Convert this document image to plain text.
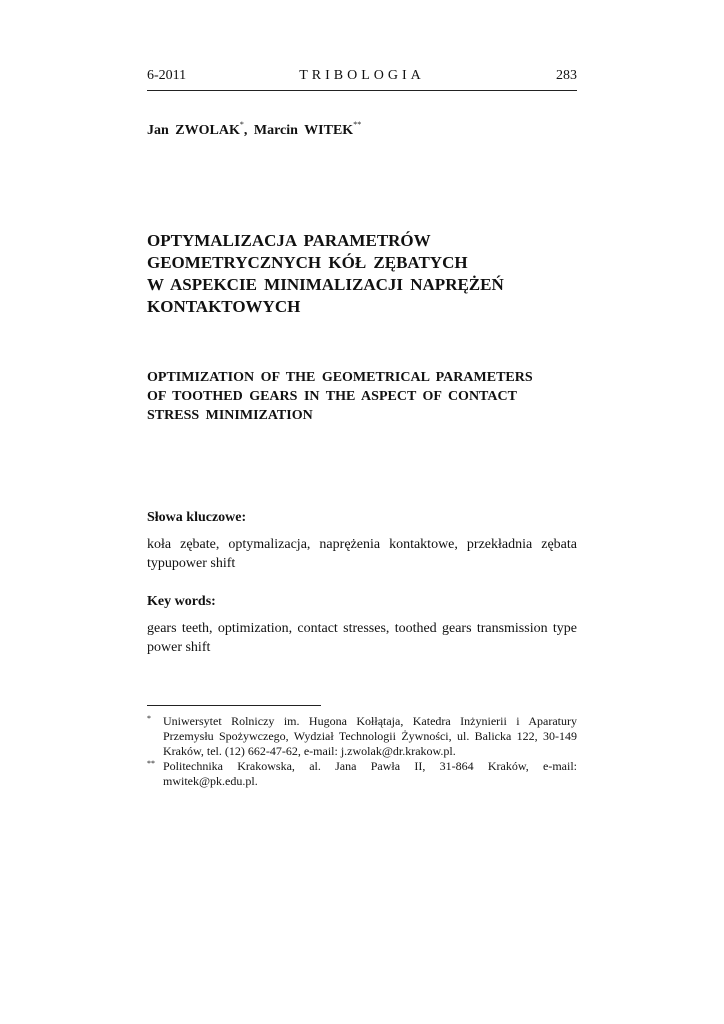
6-2011	TRIBOLOGIA	283
Jan ZWOLAK*, Marcin WITEK**
OPTYMALIZACJA PARAMETRÓW
GEOMETRYCZNYCH KÓŁ ZĘBATYCH
W ASPEKCIE MINIMALIZACJI NAPRĘŻEŃ
KONTAKTOWYCH
OPTIMIZATION OF THE GEOMETRICAL PARAMETERS
OF TOOTHED GEARS IN THE ASPECT OF CONTACT
STRESS MINIMIZATION
Słowa kluczowe:
koła zębate, optymalizacja, naprężenia kontaktowe, przekładnia zębata typupower shift
Key words:
gears teeth, optimization, contact stresses, toothed gears transmission type power shift
* Uniwersytet Rolniczy im. Hugona Kołłątaja, Katedra Inżynierii i Aparatury Przemysłu Spożywczego, Wydział Technologii Żywności, ul. Balicka 122, 30-149 Kraków, tel. (12) 662-47-62, e-mail: j.zwolak@dr.krakow.pl.
** Politechnika Krakowska, al. Jana Pawła II, 31-864 Kraków, e-mail: mwitek@pk.edu.pl.
